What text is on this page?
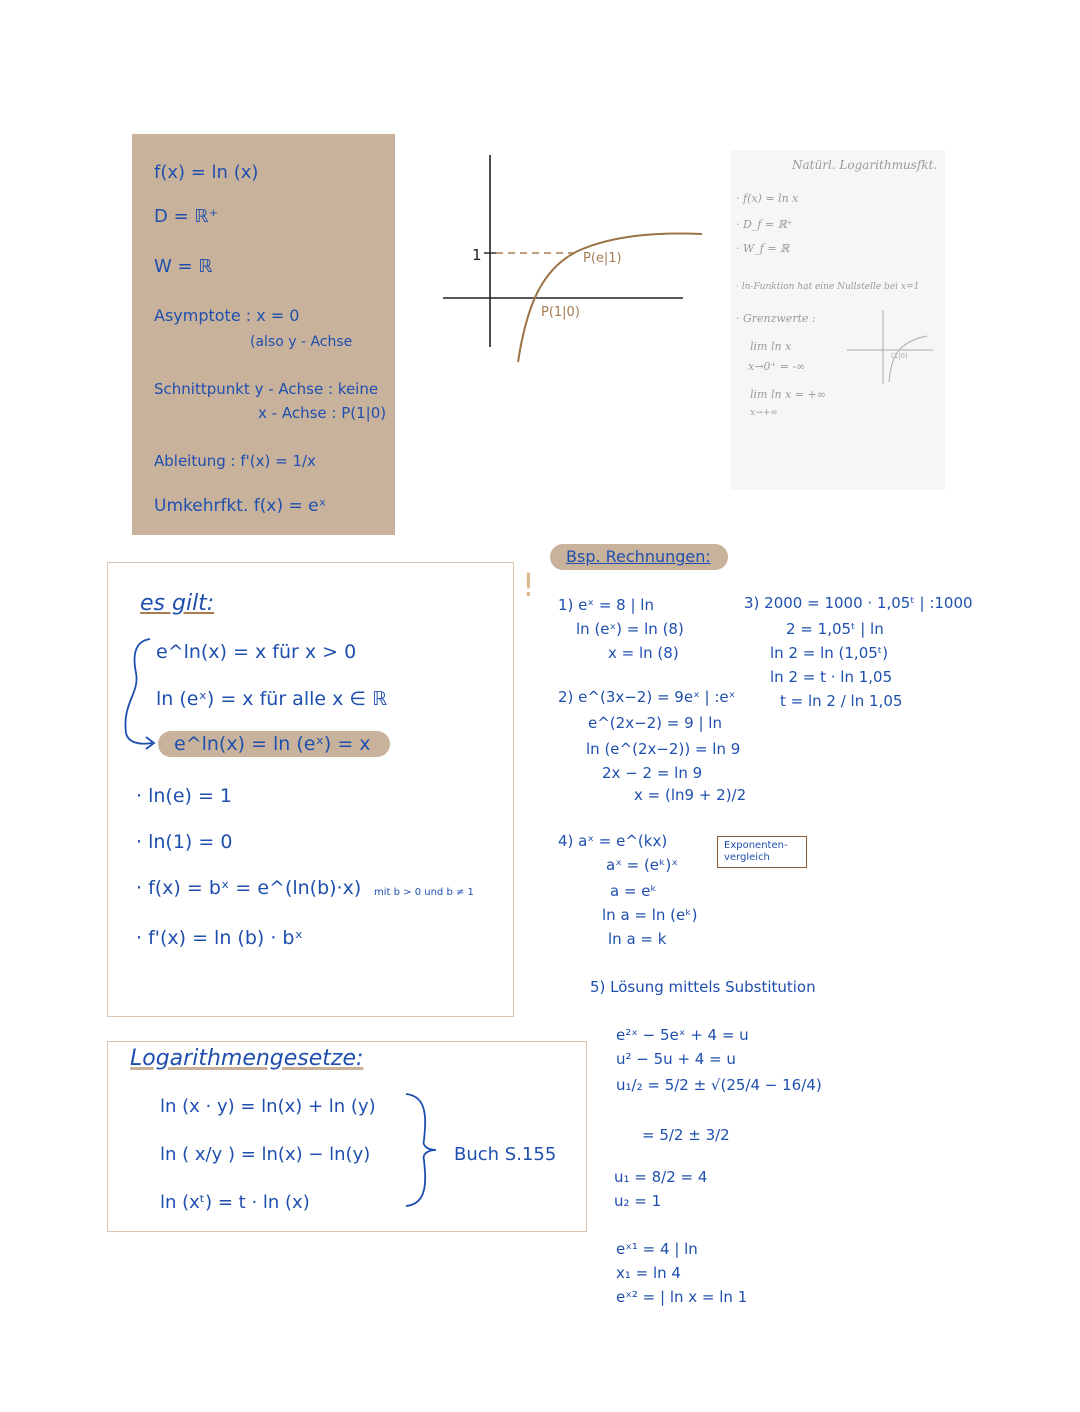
f(x) = ln (x)
D = ℝ⁺
W = ℝ
Asymptote : x = 0
(also y - Achse
Schnittpunkt y - Achse : keine
x - Achse : P(1|0)
Ableitung : f'(x) = 1/x
Umkehrfkt. f(x) = eˣ
1	P(e|1)
P(1|0)
Natürl. Logarithmusfkt.
· f(x) = ln x
· D_f = ℝ⁺
· W_f = ℝ
· ln-Funktion hat eine Nullstelle bei x=1
· Grenzwerte :
lim ln x
x→0⁺ = -∞
lim ln x = +∞
x→+∞
(1|0)
es gilt:
e^ln(x) = x für x > 0
ln (eˣ) = x für alle x ∈ ℝ
e^ln(x) = ln (eˣ) = x
· ln(e) = 1
· ln(1) = 0
· f(x) = bˣ = e^(ln(b)·x) mit b > 0 und b ≠ 1
· f'(x) = ln (b) · bˣ
Logarithmengesetze:
ln (x · y) = ln(x) + ln (y)
ln ( x/y ) = ln(x) − ln(y)
ln (xᵗ) = t · ln (x)
Buch S.155
Bsp. Rechnungen:
!
1) eˣ = 8 | ln
ln (eˣ) = ln (8)
x = ln (8)
2) e^(3x−2) = 9eˣ | :eˣ
e^(2x−2) = 9 | ln
ln (e^(2x−2)) = ln 9
2x − 2 = ln 9
x = (ln9 + 2)/2
3) 2000 = 1000 · 1,05ᵗ | :1000
2 = 1,05ᵗ | ln
ln 2 = ln (1,05ᵗ)
ln 2 = t · ln 1,05
t = ln 2 / ln 1,05
4) aˣ = e^(kx)
aˣ = (eᵏ)ˣ
a = eᵏ
ln a = ln (eᵏ)
ln a = k
Exponenten-
vergleich
5) Lösung mittels Substitution
e²ˣ − 5eˣ + 4 = u
u² − 5u + 4 = u
u₁/₂ = 5/2 ± √(25/4 − 16/4)
= 5/2 ± 3/2
u₁ = 8/2 = 4
u₂ = 1
eˣ¹ = 4 | ln
x₁ = ln 4
eˣ² = | ln x = ln 1
